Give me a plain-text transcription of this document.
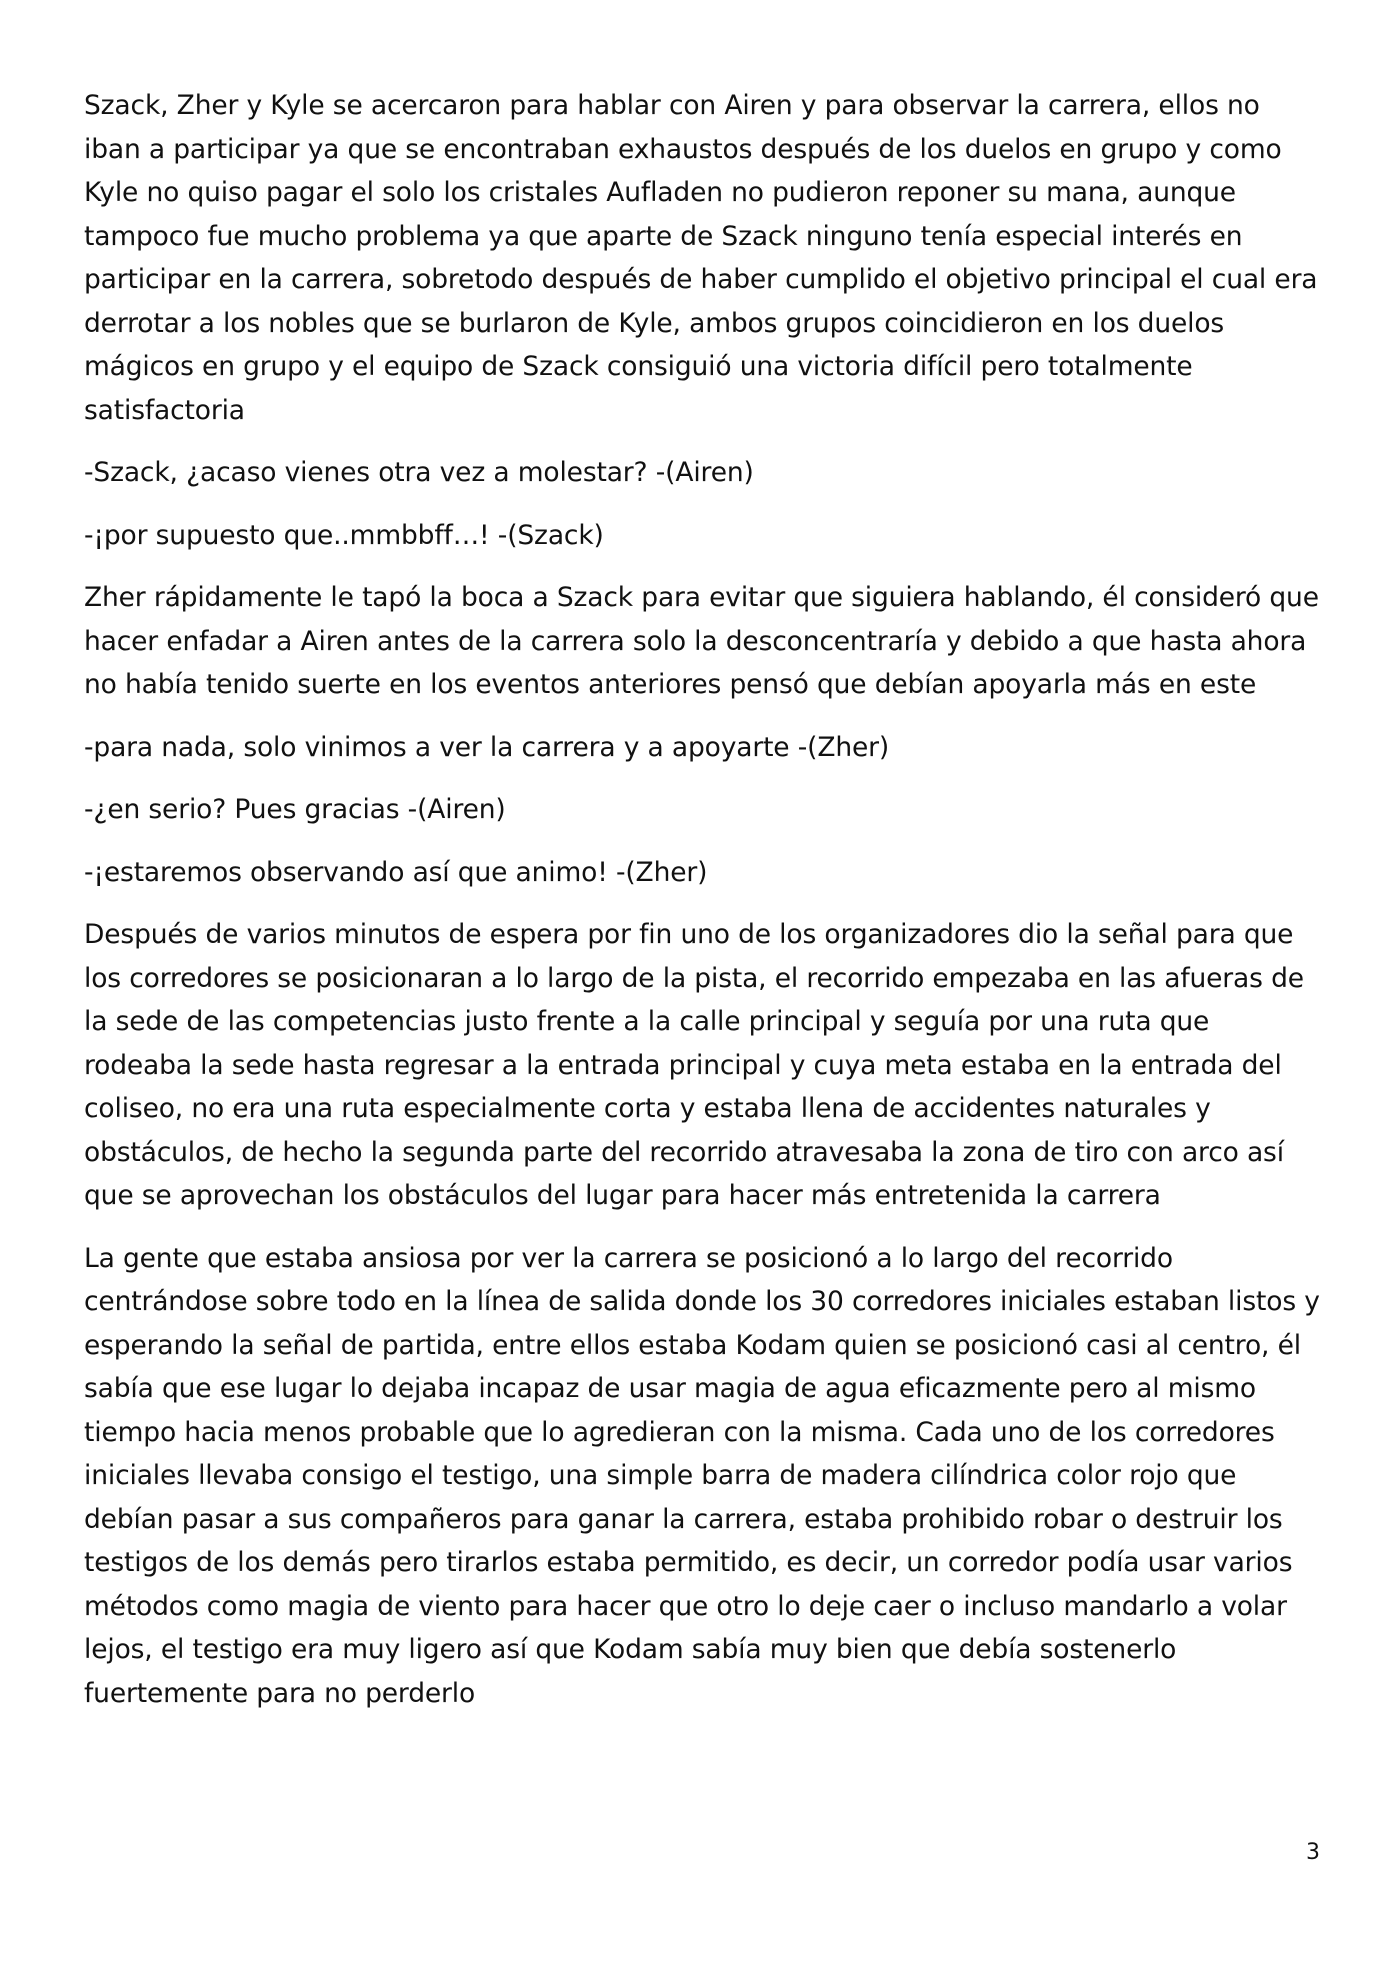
Szack, Zher y Kyle se acercaron para hablar con Airen y para observar la carrera, ellos no iban a participar ya que se encontraban exhaustos después de los duelos en grupo y como Kyle no quiso pagar el solo los cristales Aufladen no pudieron reponer su mana, aunque tampoco fue mucho problema ya que aparte de Szack ninguno tenía especial interés en participar en la carrera, sobretodo después de haber cumplido el objetivo principal el cual era derrotar a los nobles que se burlaron de Kyle, ambos grupos coincidieron en los duelos mágicos en grupo y el equipo de Szack consiguió una victoria difícil pero totalmente satisfactoria

-Szack, ¿acaso vienes otra vez a molestar? -(Airen)

-¡por supuesto que..mmbbff…! -(Szack)

Zher rápidamente le tapó la boca a Szack para evitar que siguiera hablando, él consideró que hacer enfadar a Airen antes de la carrera solo la desconcentraría y debido a que hasta ahora no había tenido suerte en los eventos anteriores pensó que debían apoyarla más en este

-para nada, solo vinimos a ver la carrera y a apoyarte -(Zher)

-¿en serio? Pues gracias -(Airen)

-¡estaremos observando así que animo! -(Zher)

Después de varios minutos de espera por fin uno de los organizadores dio la señal para que los corredores se posicionaran a lo largo de la pista, el recorrido empezaba en las afueras de la sede de las competencias justo frente a la calle principal y seguía por una ruta que rodeaba la sede hasta regresar a la entrada principal y cuya meta estaba en la entrada del coliseo, no era una ruta especialmente corta y estaba llena de accidentes naturales y obstáculos, de hecho la segunda parte del recorrido atravesaba la zona de tiro con arco así que se aprovechan los obstáculos del lugar para hacer más entretenida la carrera

La gente que estaba ansiosa por ver la carrera se posicionó a lo largo del recorrido centrándose sobre todo en la línea de salida donde los 30 corredores iniciales estaban listos y esperando la señal de partida, entre ellos estaba Kodam quien se posicionó casi al centro, él sabía que ese lugar lo dejaba incapaz de usar magia de agua eficazmente pero al mismo tiempo hacia menos probable que lo agredieran con la misma. Cada uno de los corredores iniciales llevaba consigo el testigo, una simple barra de madera cilíndrica color rojo que debían pasar a sus compañeros para ganar la carrera, estaba prohibido robar o destruir los testigos de los demás pero tirarlos estaba permitido, es decir, un corredor podía usar varios métodos como magia de viento para hacer que otro lo deje caer o incluso mandarlo a volar lejos, el testigo era muy ligero así que Kodam sabía muy bien que debía sostenerlo fuertemente para no perderlo

3
